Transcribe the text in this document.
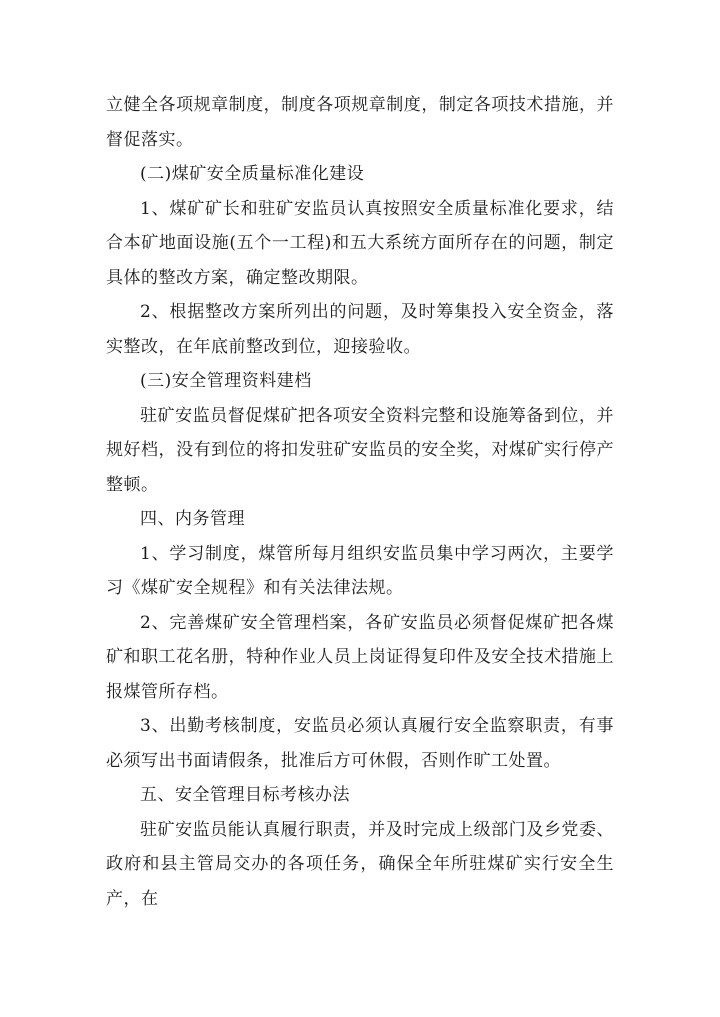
立健全各项规章制度，制度各项规章制度，制定各项技术措施，并督促落实。

(二)煤矿安全质量标准化建设

1、煤矿矿长和驻矿安监员认真按照安全质量标准化要求，结合本矿地面设施(五个一工程)和五大系统方面所存在的问题，制定具体的整改方案，确定整改期限。

2、根据整改方案所列出的问题，及时筹集投入安全资金，落实整改，在年底前整改到位，迎接验收。

(三)安全管理资料建档

驻矿安监员督促煤矿把各项安全资料完整和设施筹备到位，并规好档，没有到位的将扣发驻矿安监员的安全奖，对煤矿实行停产整顿。

四、内务管理

1、学习制度，煤管所每月组织安监员集中学习两次，主要学习《煤矿安全规程》和有关法律法规。

2、完善煤矿安全管理档案，各矿安监员必须督促煤矿把各煤矿和职工花名册，特种作业人员上岗证得复印件及安全技术措施上报煤管所存档。

3、出勤考核制度，安监员必须认真履行安全监察职责，有事必须写出书面请假条，批准后方可休假，否则作旷工处置。

五、安全管理目标考核办法

驻矿安监员能认真履行职责，并及时完成上级部门及乡党委、政府和县主管局交办的各项任务，确保全年所驻煤矿实行安全生产，在
